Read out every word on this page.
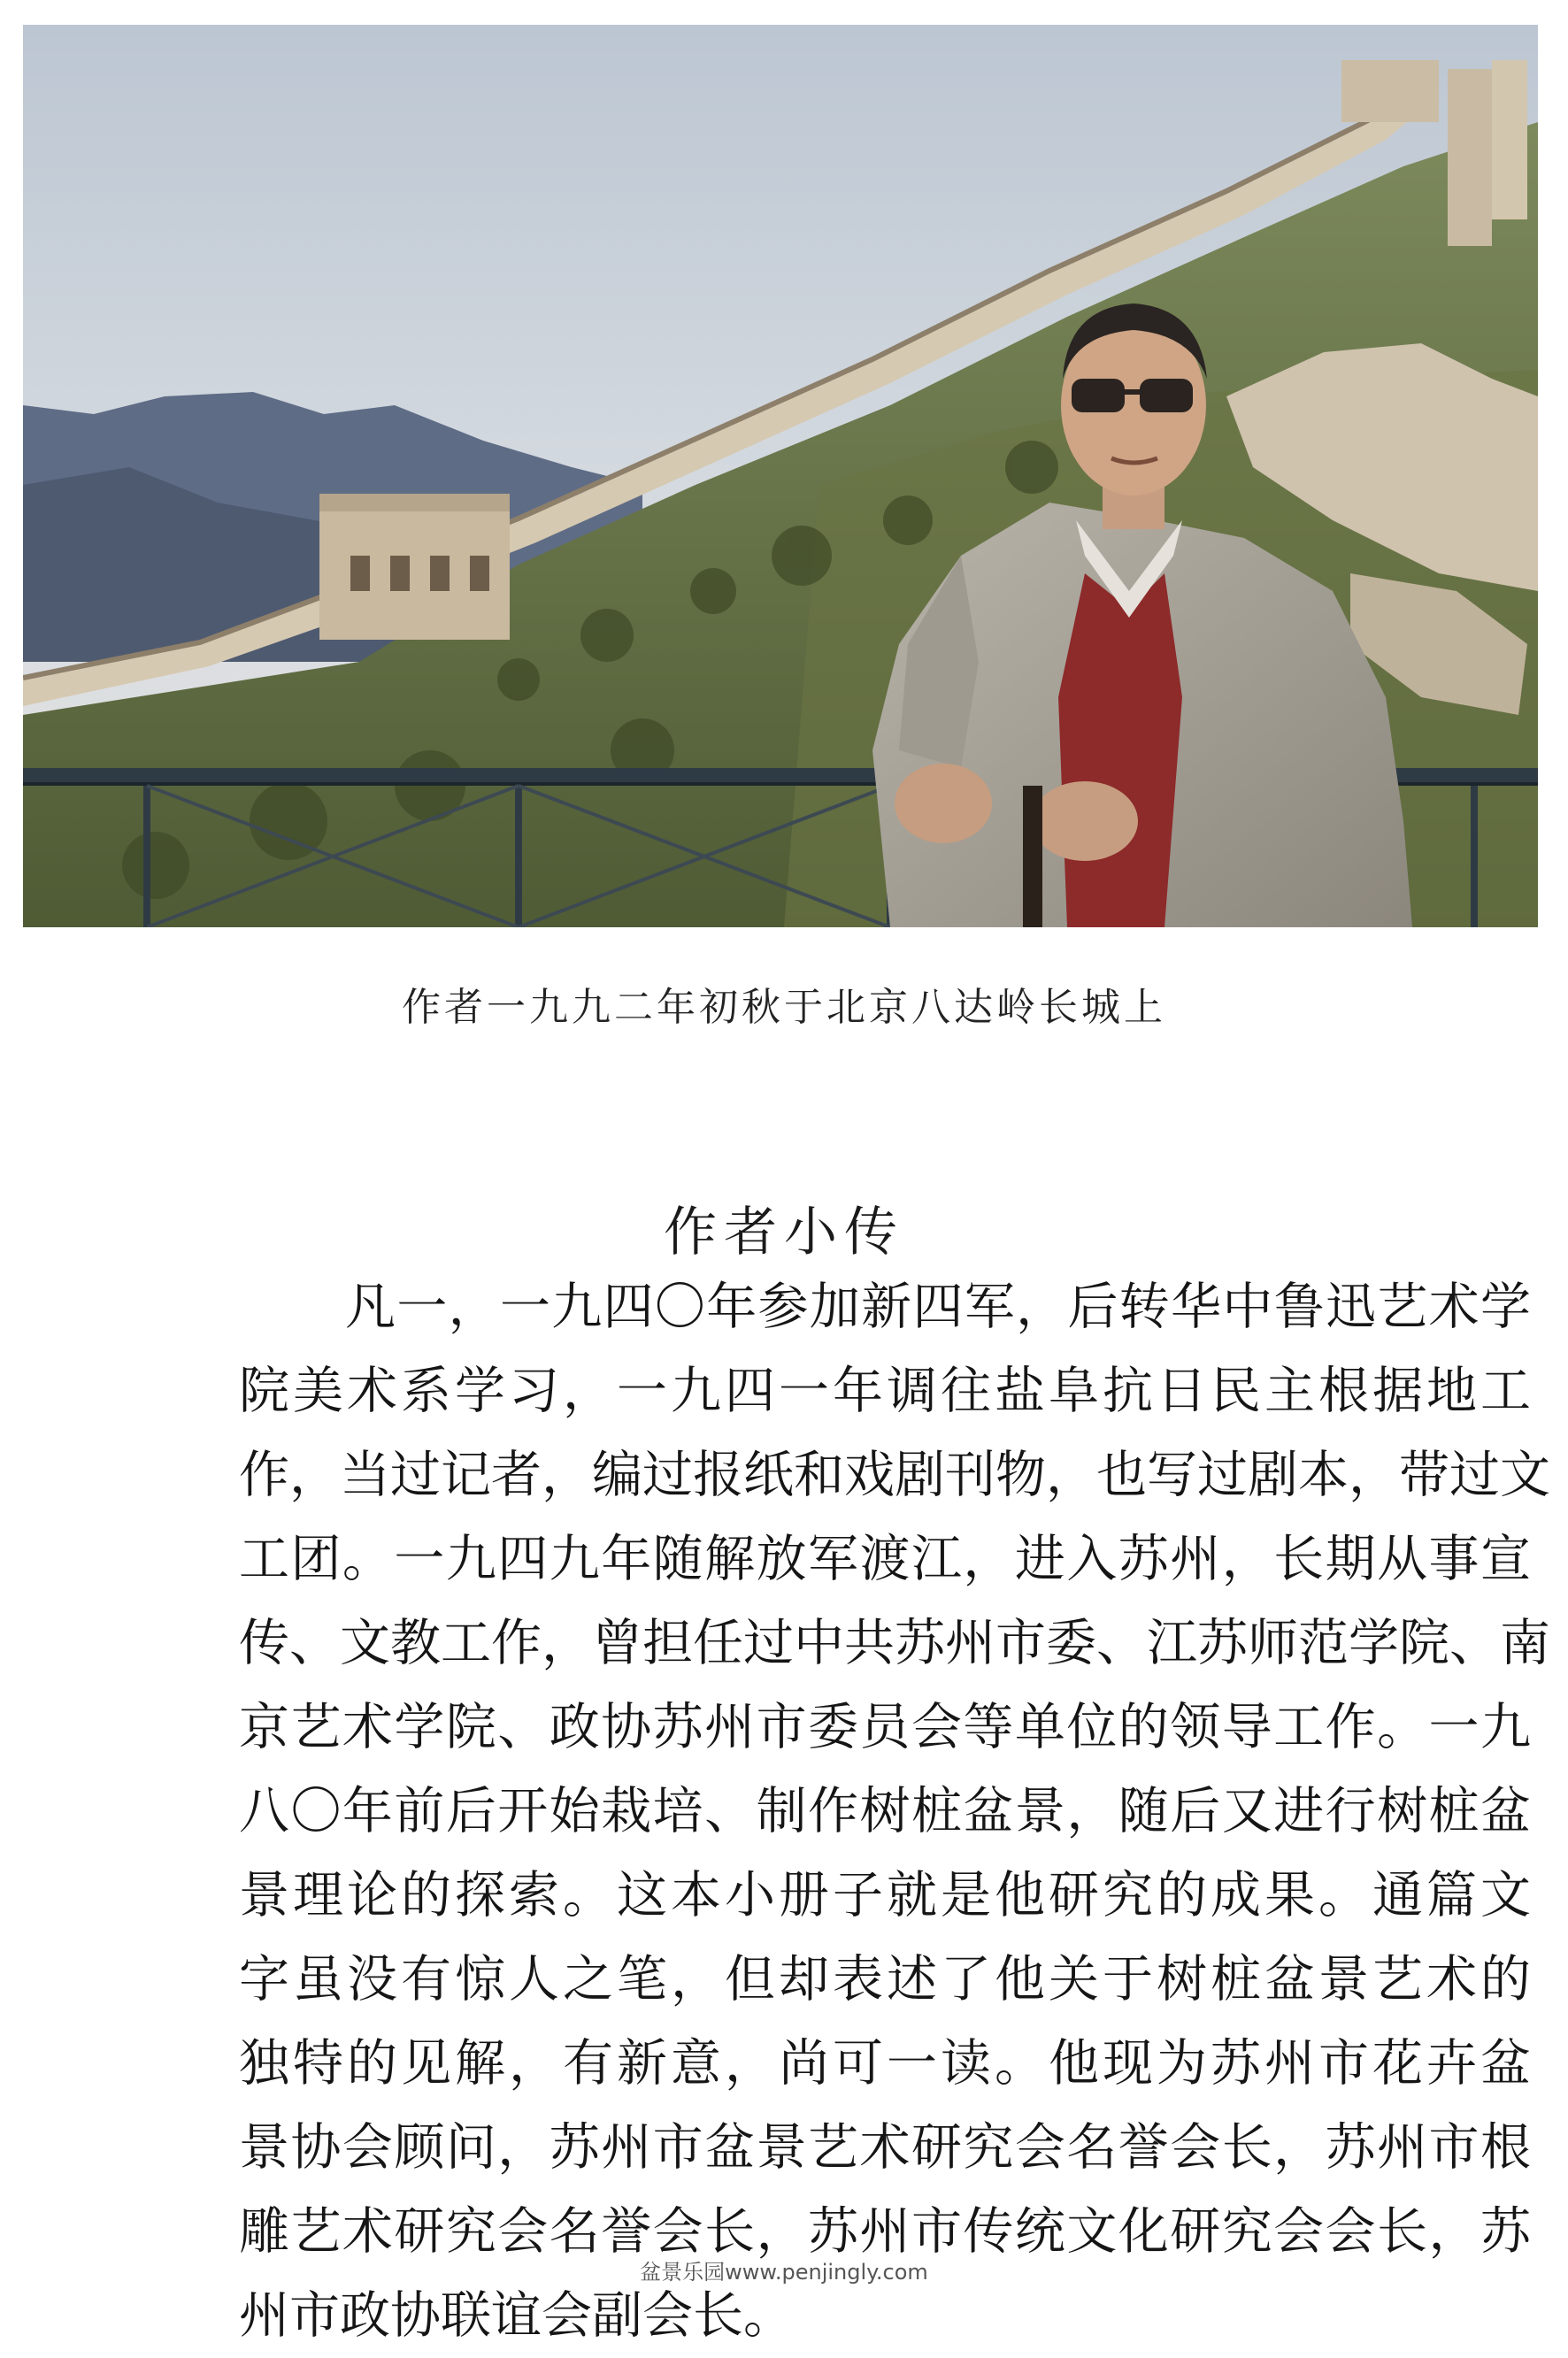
作者一九九二年初秋于北京八达岭长城上
作者小传
凡一，一九四〇年参加新四军，后转华中鲁迅艺术学
院美术系学习，一九四一年调往盐阜抗日民主根据地工
作，当过记者，编过报纸和戏剧刊物，也写过剧本，带过文
工团。一九四九年随解放军渡江，进入苏州，长期从事宣
传、文教工作，曾担任过中共苏州市委、江苏师范学院、南
京艺术学院、政协苏州市委员会等单位的领导工作。一九
八〇年前后开始栽培、制作树桩盆景，随后又进行树桩盆
景理论的探索。这本小册子就是他研究的成果。通篇文
字虽没有惊人之笔，但却表述了他关于树桩盆景艺术的
独特的见解，有新意，尚可一读。他现为苏州市花卉盆
景协会顾问，苏州市盆景艺术研究会名誉会长，苏州市根
雕艺术研究会名誉会长，苏州市传统文化研究会会长，苏
州市政协联谊会副会长。
盆景乐园www.penjingly.com
